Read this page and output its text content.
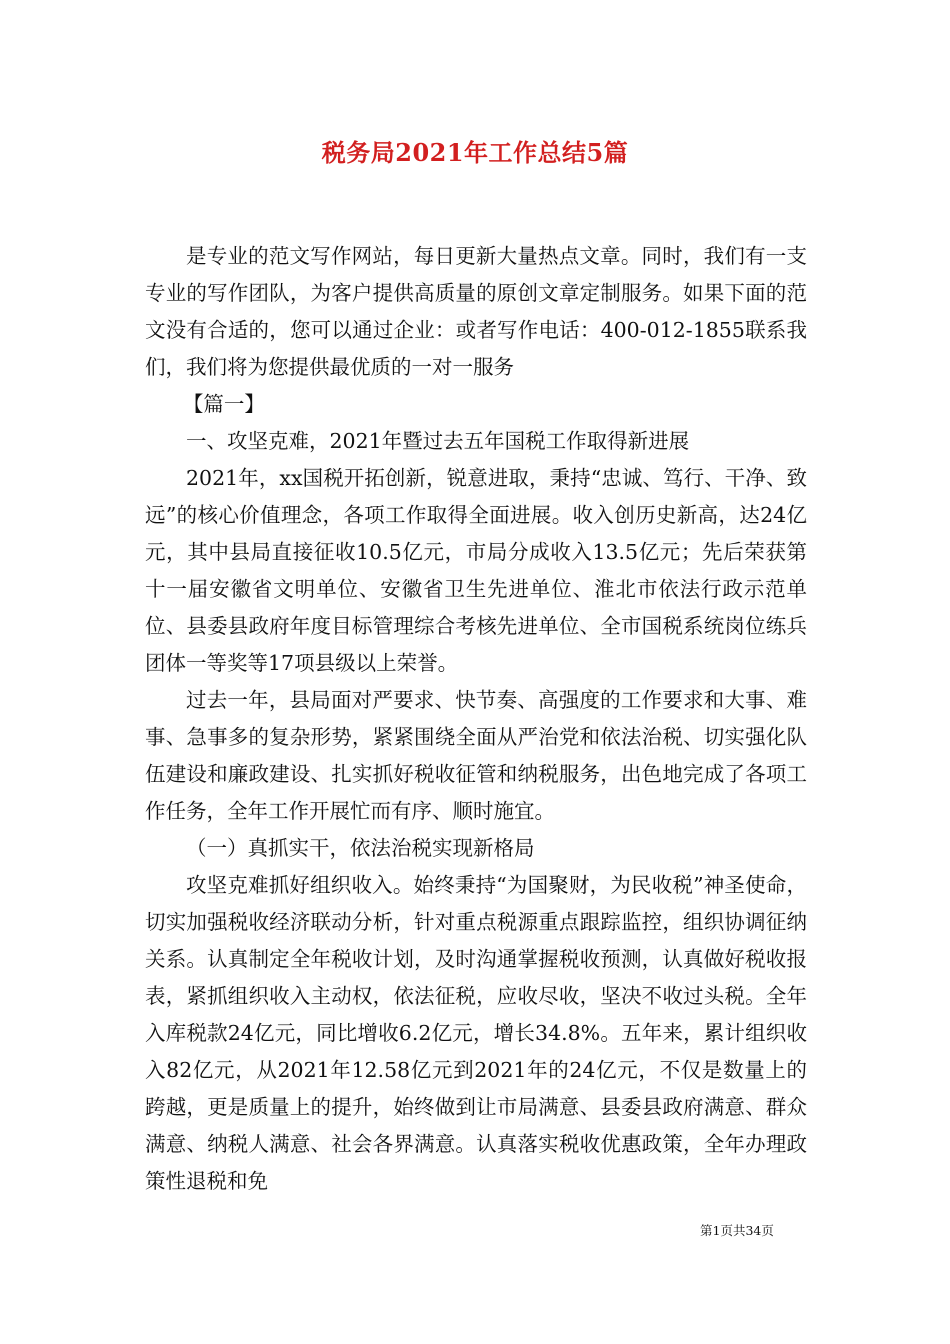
税务局2021年工作总结5篇

是专业的范文写作网站，每日更新大量热点文章。同时，我们有一支专业的写作团队，为客户提供高质量的原创文章定制服务。如果下面的范文没有合适的，您可以通过企业：或者写作电话：400-012-1855联系我们，我们将为您提供最优质的一对一服务

【篇一】

一、攻坚克难，2021年暨过去五年国税工作取得新进展

2021年，xx国税开拓创新，锐意进取，秉持“忠诚、笃行、干净、致远”的核心价值理念，各项工作取得全面进展。收入创历史新高，达24亿元，其中县局直接征收10.5亿元，市局分成收入13.5亿元；先后荣获第十一届安徽省文明单位、安徽省卫生先进单位、淮北市依法行政示范单位、县委县政府年度目标管理综合考核先进单位、全市国税系统岗位练兵团体一等奖等17项县级以上荣誉。

过去一年，县局面对严要求、快节奏、高强度的工作要求和大事、难事、急事多的复杂形势，紧紧围绕全面从严治党和依法治税、切实强化队伍建设和廉政建设、扎实抓好税收征管和纳税服务，出色地完成了各项工作任务，全年工作开展忙而有序、顺时施宜。

（一）真抓实干，依法治税实现新格局

攻坚克难抓好组织收入。始终秉持“为国聚财，为民收税”神圣使命，切实加强税收经济联动分析，针对重点税源重点跟踪监控，组织协调征纳关系。认真制定全年税收计划，及时沟通掌握税收预测，认真做好税收报表，紧抓组织收入主动权，依法征税，应收尽收，坚决不收过头税。全年入库税款24亿元，同比增收6.2亿元，增长34.8%。五年来，累计组织收入82亿元，从2021年12.58亿元到2021年的24亿元，不仅是数量上的跨越，更是质量上的提升，始终做到让市局满意、县委县政府满意、群众满意、纳税人满意、社会各界满意。认真落实税收优惠政策，全年办理政策性退税和免

第1页共34页
